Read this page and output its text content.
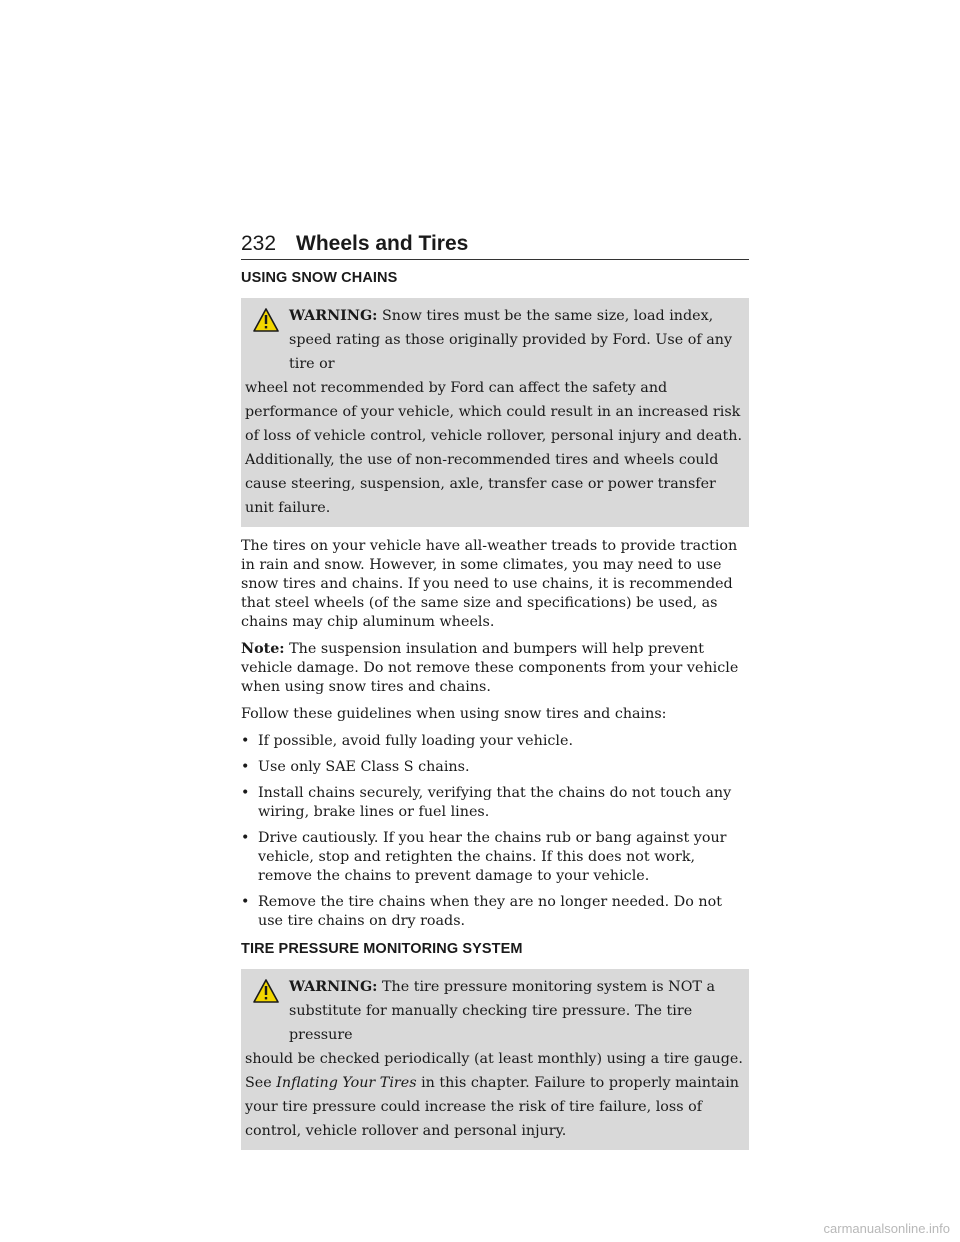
232 Wheels and Tires
USING SNOW CHAINS
WARNING: Snow tires must be the same size, load index, speed rating as those originally provided by Ford. Use of any tire or
wheel not recommended by Ford can affect the safety and performance of your vehicle, which could result in an increased risk of loss of vehicle control, vehicle rollover, personal injury and death. Additionally, the use of non-recommended tires and wheels could cause steering, suspension, axle, transfer case or power transfer unit failure.

The tires on your vehicle have all-weather treads to provide traction in rain and snow. However, in some climates, you may need to use snow tires and chains. If you need to use chains, it is recommended that steel wheels (of the same size and specifications) be used, as chains may chip aluminum wheels.

Note: The suspension insulation and bumpers will help prevent vehicle damage. Do not remove these components from your vehicle when using snow tires and chains.

Follow these guidelines when using snow tires and chains:

• If possible, avoid fully loading your vehicle.
• Use only SAE Class S chains.
• Install chains securely, verifying that the chains do not touch any wiring, brake lines or fuel lines.
• Drive cautiously. If you hear the chains rub or bang against your vehicle, stop and retighten the chains. If this does not work, remove the chains to prevent damage to your vehicle.
• Remove the tire chains when they are no longer needed. Do not use tire chains on dry roads.
TIRE PRESSURE MONITORING SYSTEM
WARNING: The tire pressure monitoring system is NOT a substitute for manually checking tire pressure. The tire pressure
should be checked periodically (at least monthly) using a tire gauge. See Inflating Your Tires in this chapter. Failure to properly maintain your tire pressure could increase the risk of tire failure, loss of control, vehicle rollover and personal injury.
carmanualsonline.info
